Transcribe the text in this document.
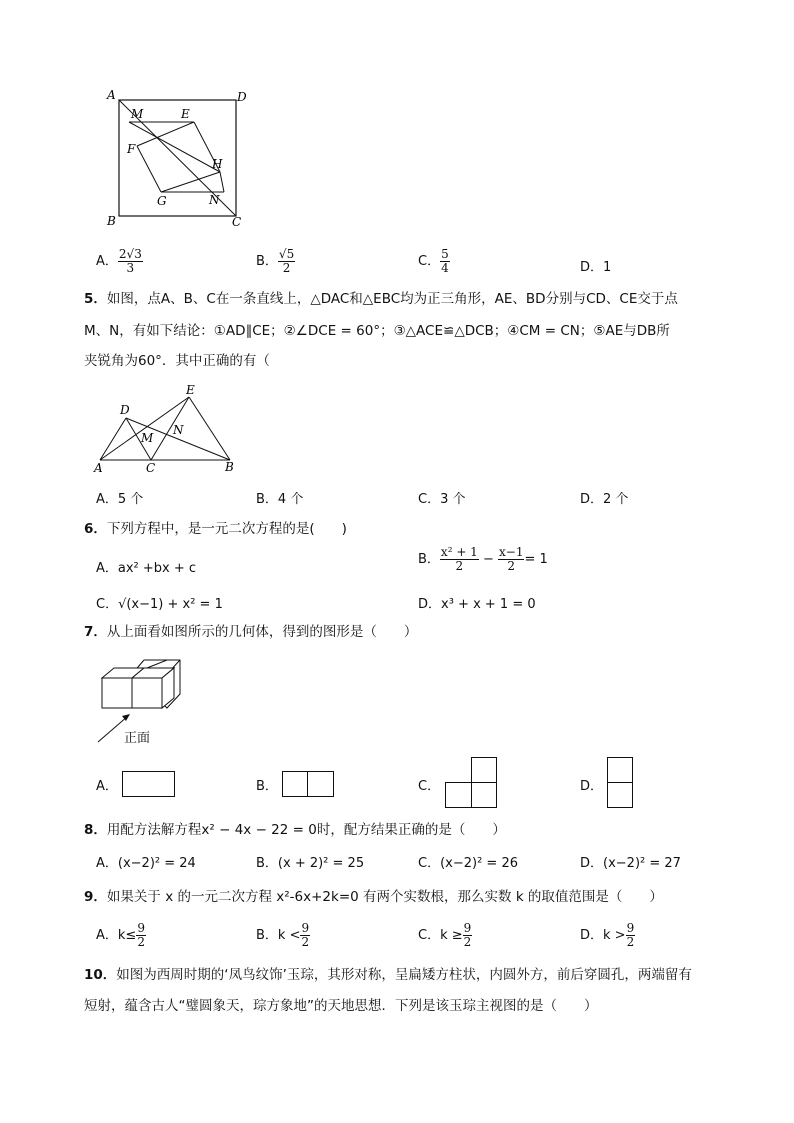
A	D
M	E
F
H
B
G	N
C
A． $\frac{2√3}{3}$	B． $\frac{√5}{2}$	C． $\frac{5}{4}$	D．1
5．如图，点A、B、C在一条直线上，△DAC和△EBC均为正三角形，AE、BD分别与CD、CE交于点
M、N，有如下结论：①AD∥CE；②∠DCE = 60°；③△ACE≌△DCB；④CM = CN；⑤AE与DB所
夹锐角为60°．其中正确的有（
A	C	B
D
E
M
N
A．5 个	B．4 个	C．3 个	D．2 个
6．下列方程中，是一元二次方程的是(　　)
A．ax² +bx + c
B． $\frac{\text{x² + 1}}{2} - \frac{x-1}{2} = 1$
C．√(x−1) + x² = 1	D．x³ + x + 1 = 0
7．从上面看如图所示的几何体，得到的图形是（　　）
正面
A．	B．	C．	D．
8．用配方法解方程x² − 4x − 22 = 0时，配方结果正确的是（　　）
A．(x−2)² = 24	B．(x + 2)² = 25	C．(x−2)² = 26	D．(x−2)² = 27
9．如果关于 x 的一元二次方程 x²-6x+2k=0 有两个实数根，那么实数 k 的取值范围是（　　）
A．$k\le \frac{9}{2}$	B．$k < \frac{9}{2}$	C．$k \ge \frac{9}{2}$	D．$k > \frac{9}{2}$
10．如图为西周时期的‘凤鸟纹饰’玉琮，其形对称，呈扁矮方柱状，内圆外方，前后穿圆孔，两端留有
短射，蕴含古人“璧圆象天，琮方象地”的天地思想．下列是该玉琮主视图的是（　　）
